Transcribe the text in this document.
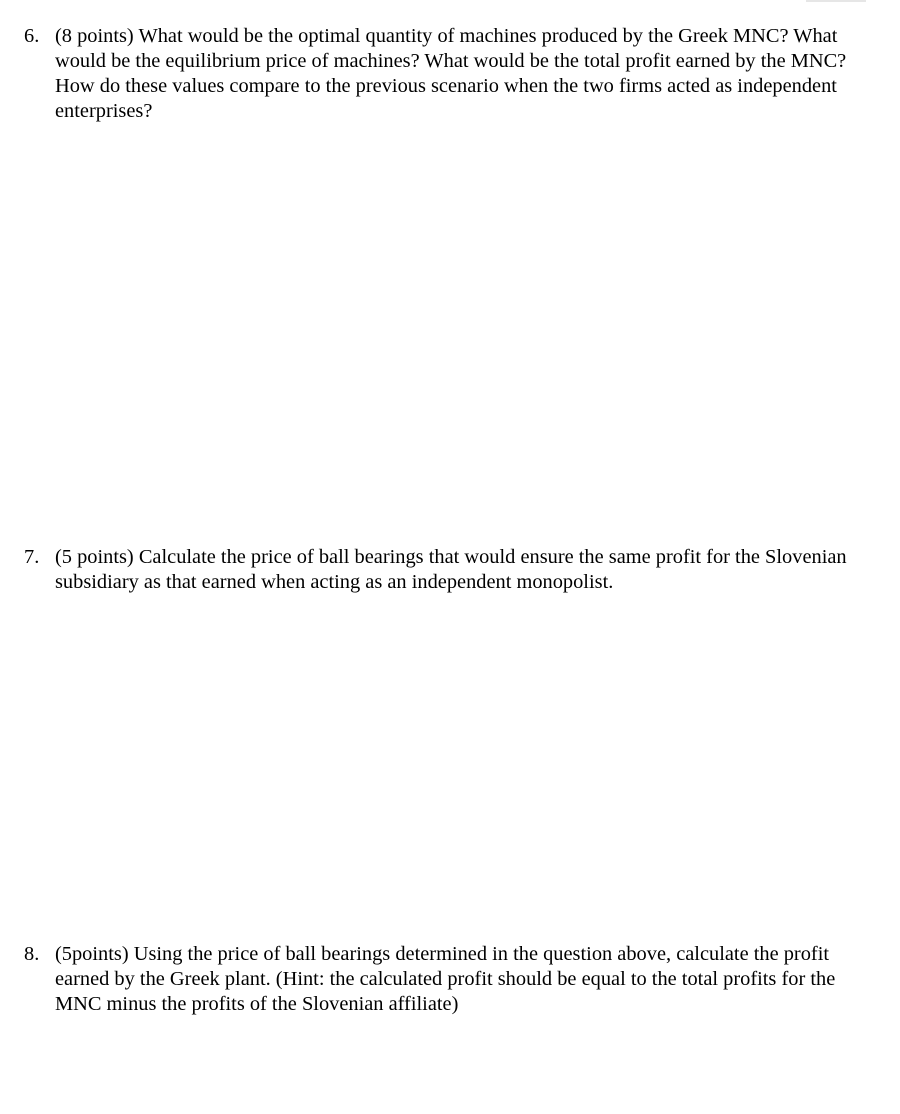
6. (8 points) What would be the optimal quantity of machines produced by the Greek MNC? What would be the equilibrium price of machines? What would be the total profit earned by the MNC? How do these values compare to the previous scenario when the two firms acted as independent enterprises?

7. (5 points) Calculate the price of ball bearings that would ensure the same profit for the Slovenian subsidiary as that earned when acting as an independent monopolist.

8. (5points) Using the price of ball bearings determined in the question above, calculate the profit earned by the Greek plant. (Hint: the calculated profit should be equal to the total profits for the MNC minus the profits of the Slovenian affiliate)
